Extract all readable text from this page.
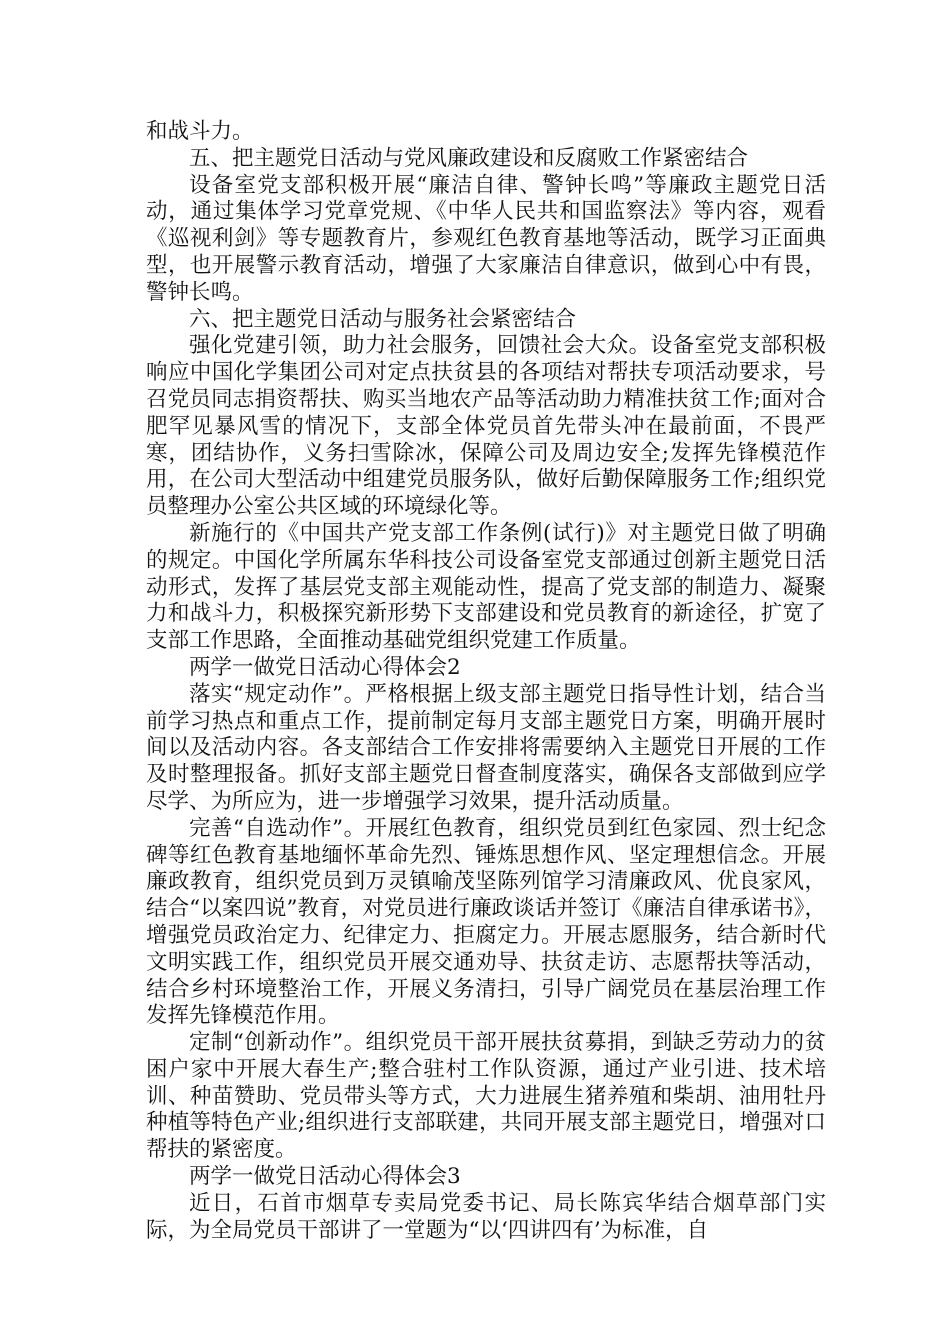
和战斗力。

五、把主题党日活动与党风廉政建设和反腐败工作紧密结合

设备室党支部积极开展“廉洁自律、警钟长鸣”等廉政主题党日活动，通过集体学习党章党规、《中华人民共和国监察法》等内容，观看《巡视利剑》等专题教育片，参观红色教育基地等活动，既学习正面典型，也开展警示教育活动，增强了大家廉洁自律意识，做到心中有畏，警钟长鸣。

六、把主题党日活动与服务社会紧密结合

强化党建引领，助力社会服务，回馈社会大众。设备室党支部积极响应中国化学集团公司对定点扶贫县的各项结对帮扶专项活动要求，号召党员同志捐资帮扶、购买当地农产品等活动助力精准扶贫工作;面对合肥罕见暴风雪的情况下，支部全体党员首先带头冲在最前面，不畏严寒，团结协作，义务扫雪除冰，保障公司及周边安全;发挥先锋模范作用，在公司大型活动中组建党员服务队，做好后勤保障服务工作;组织党员整理办公室公共区域的环境绿化等。

新施行的《中国共产党支部工作条例(试行)》对主题党日做了明确的规定。中国化学所属东华科技公司设备室党支部通过创新主题党日活动形式，发挥了基层党支部主观能动性，提高了党支部的制造力、凝聚力和战斗力，积极探究新形势下支部建设和党员教育的新途径，扩宽了支部工作思路，全面推动基础党组织党建工作质量。

两学一做党日活动心得体会2

落实“规定动作”。严格根据上级支部主题党日指导性计划，结合当前学习热点和重点工作，提前制定每月支部主题党日方案，明确开展时间以及活动内容。各支部结合工作安排将需要纳入主题党日开展的工作及时整理报备。抓好支部主题党日督查制度落实，确保各支部做到应学尽学、为所应为，进一步增强学习效果，提升活动质量。

完善“自选动作”。开展红色教育，组织党员到红色家园、烈士纪念碑等红色教育基地缅怀革命先烈、锤炼思想作风、坚定理想信念。开展廉政教育，组织党员到万灵镇喻茂坚陈列馆学习清廉政风、优良家风，结合“以案四说”教育，对党员进行廉政谈话并签订《廉洁自律承诺书》，增强党员政治定力、纪律定力、拒腐定力。开展志愿服务，结合新时代文明实践工作，组织党员开展交通劝导、扶贫走访、志愿帮扶等活动，结合乡村环境整治工作，开展义务清扫，引导广阔党员在基层治理工作发挥先锋模范作用。

定制“创新动作”。组织党员干部开展扶贫募捐，到缺乏劳动力的贫困户家中开展大春生产;整合驻村工作队资源，通过产业引进、技术培训、种苗赞助、党员带头等方式，大力进展生猪养殖和柴胡、油用牡丹种植等特色产业;组织进行支部联建，共同开展支部主题党日，增强对口帮扶的紧密度。

两学一做党日活动心得体会3

近日，石首市烟草专卖局党委书记、局长陈宾华结合烟草部门实际，为全局党员干部讲了一堂题为“以‘四讲四有’为标准，自
